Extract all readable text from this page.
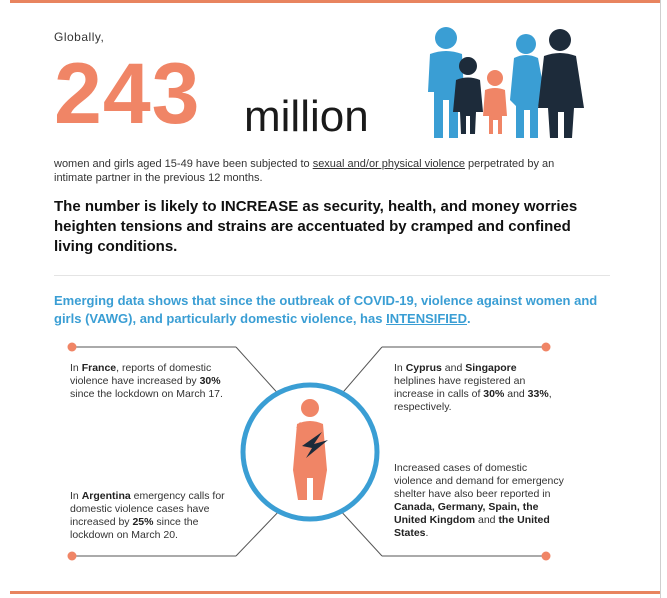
Globally,
243 million
women and girls aged 15-49 have been subjected to sexual and/or physical violence perpetrated by an intimate partner in the previous 12 months.
The number is likely to INCREASE as security, health, and money worries heighten tensions and strains are accentuated by cramped and confined living conditions.
Emerging data shows that since the outbreak of COVID-19, violence against women and girls (VAWG), and particularly domestic violence, has INTENSIFIED.
In France, reports of domestic violence have increased by 30% since the lockdown on March 17.
In Cyprus and Singapore helplines have registered an increase in calls of 30% and 33%, respectively.
In Argentina emergency calls for domestic violence cases have increased by 25% since the lockdown on March 20.
Increased cases of domestic violence and demand for emergency shelter have also beer reported in Canada, Germany, Spain, the United Kingdom and the United States.
